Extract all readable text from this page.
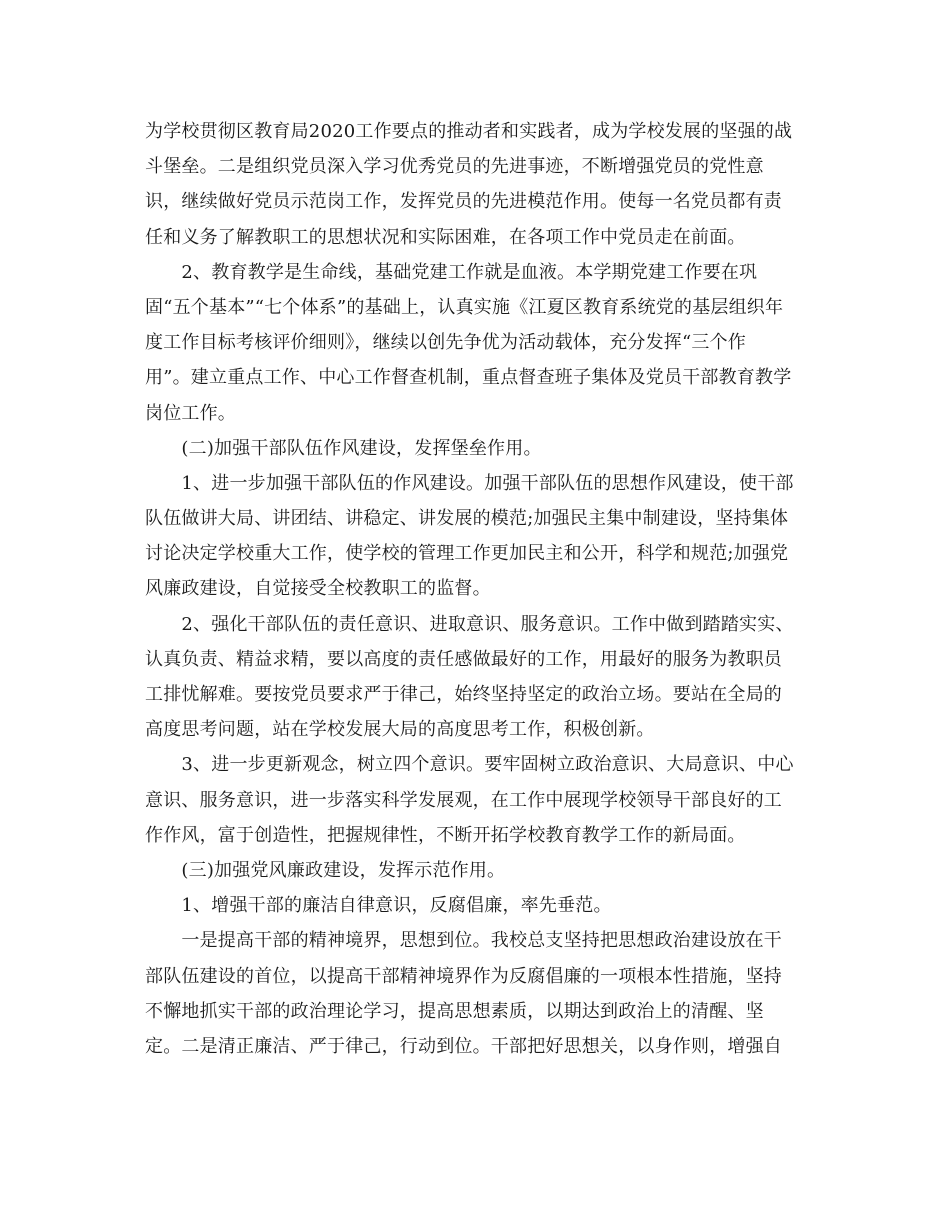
为学校贯彻区教育局2020工作要点的推动者和实践者，成为学校发展的坚强的战
斗堡垒。二是组织党员深入学习优秀党员的先进事迹，不断增强党员的党性意
识，继续做好党员示范岗工作，发挥党员的先进模范作用。使每一名党员都有责
任和义务了解教职工的思想状况和实际困难，在各项工作中党员走在前面。
　　2、教育教学是生命线，基础党建工作就是血液。本学期党建工作要在巩
固“五个基本”“七个体系”的基础上，认真实施《江夏区教育系统党的基层组织年
度工作目标考核评价细则》，继续以创先争优为活动载体，充分发挥“三个作
用”。建立重点工作、中心工作督查机制，重点督查班子集体及党员干部教育教学
岗位工作。
　　(二)加强干部队伍作风建设，发挥堡垒作用。
　　1、进一步加强干部队伍的作风建设。加强干部队伍的思想作风建设，使干部
队伍做讲大局、讲团结、讲稳定、讲发展的模范;加强民主集中制建设，坚持集体
讨论决定学校重大工作，使学校的管理工作更加民主和公开，科学和规范;加强党
风廉政建设，自觉接受全校教职工的监督。
　　2、强化干部队伍的责任意识、进取意识、服务意识。工作中做到踏踏实实、
认真负责、精益求精，要以高度的责任感做最好的工作，用最好的服务为教职员
工排忧解难。要按党员要求严于律己，始终坚持坚定的政治立场。要站在全局的
高度思考问题，站在学校发展大局的高度思考工作，积极创新。
　　3、进一步更新观念，树立四个意识。要牢固树立政治意识、大局意识、中心
意识、服务意识，进一步落实科学发展观，在工作中展现学校领导干部良好的工
作作风，富于创造性，把握规律性，不断开拓学校教育教学工作的新局面。
　　(三)加强党风廉政建设，发挥示范作用。
　　1、增强干部的廉洁自律意识，反腐倡廉，率先垂范。
　　一是提高干部的精神境界，思想到位。我校总支坚持把思想政治建设放在干
部队伍建设的首位，以提高干部精神境界作为反腐倡廉的一项根本性措施，坚持
不懈地抓实干部的政治理论学习，提高思想素质，以期达到政治上的清醒、坚
定。二是清正廉洁、严于律己，行动到位。干部把好思想关，以身作则，增强自
